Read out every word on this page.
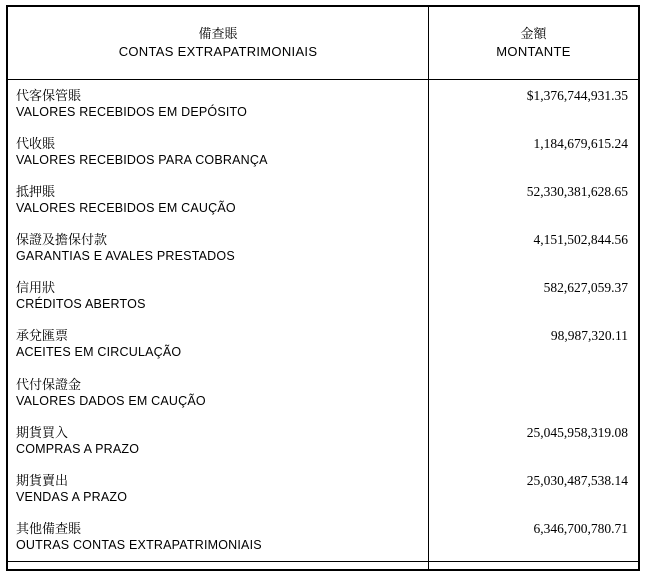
備查賬
CONTAS EXTRAPATRIMONIAIS
金額
MONTANTE
代客保管賬
VALORES RECEBIDOS EM DEPÓSITO
$1,376,744,931.35
代收賬
VALORES RECEBIDOS PARA COBRANÇA
1,184,679,615.24
抵押賬
VALORES RECEBIDOS EM CAUÇÃO
52,330,381,628.65
保證及擔保付款
GARANTIAS E AVALES PRESTADOS
4,151,502,844.56
信用狀
CRÉDITOS ABERTOS
582,627,059.37
承兌匯票
ACEITES EM CIRCULAÇÃO
98,987,320.11
代付保證金
VALORES DADOS EM CAUÇÃO
期貨買入
COMPRAS A PRAZO
25,045,958,319.08
期貨賣出
VENDAS A PRAZO
25,030,487,538.14
其他備查賬
OUTRAS CONTAS EXTRAPATRIMONIAIS
6,346,700,780.71
